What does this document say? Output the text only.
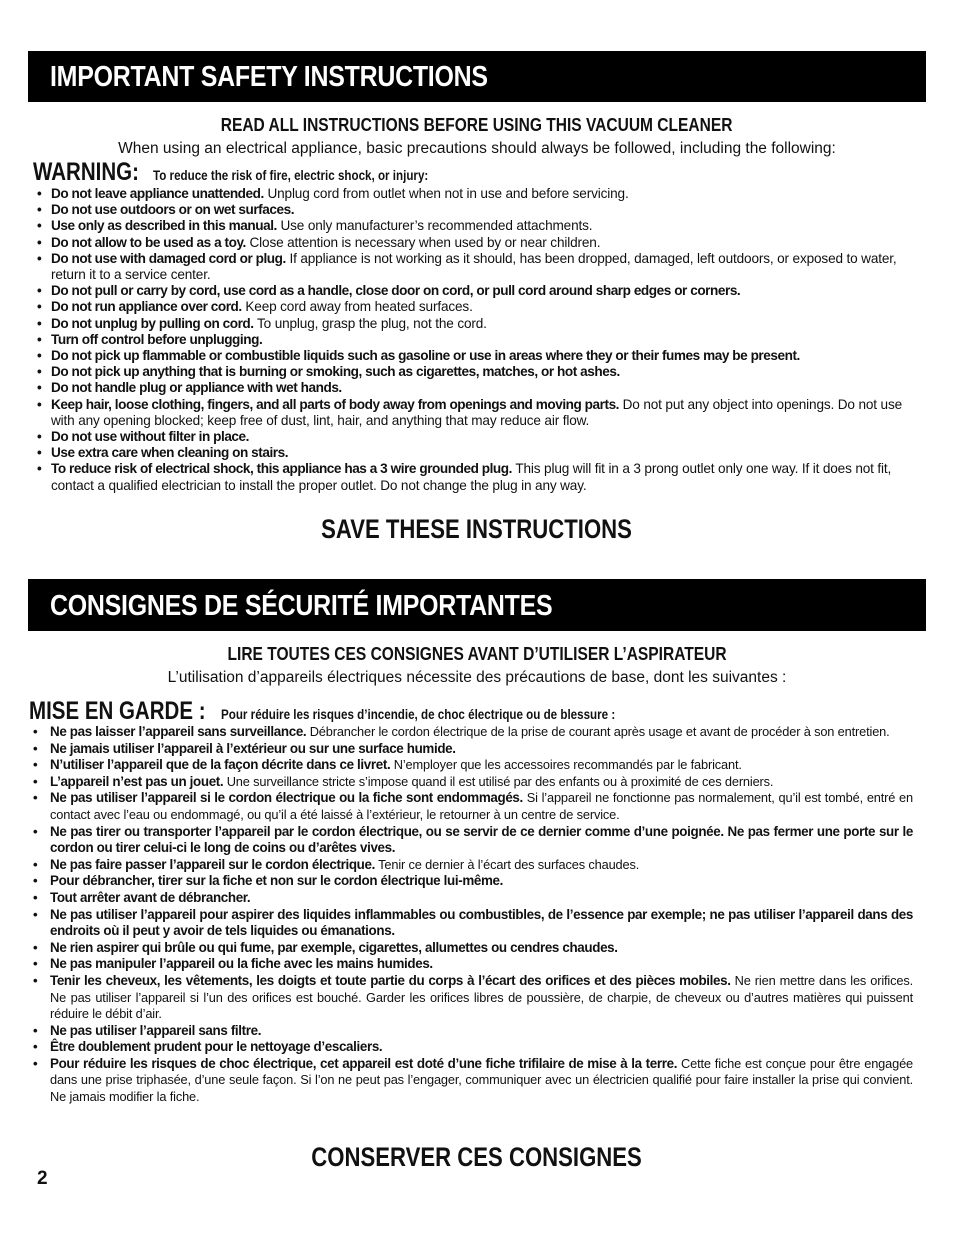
IMPORTANT SAFETY INSTRUCTIONS
READ ALL INSTRUCTIONS BEFORE USING THIS VACUUM CLEANER
When using an electrical appliance, basic precautions should always be followed, including the following:
WARNING: To reduce the risk of fire, electric shock, or injury:
• Do not leave appliance unattended. Unplug cord from outlet when not in use and before servicing.
• Do not use outdoors or on wet surfaces.
• Use only as described in this manual. Use only manufacturer’s recommended attachments.
• Do not allow to be used as a toy. Close attention is necessary when used by or near children.
• Do not use with damaged cord or plug. If appliance is not working as it should, has been dropped, damaged, left outdoors, or exposed to water, return it to a service center.
• Do not pull or carry by cord, use cord as a handle, close door on cord, or pull cord around sharp edges or corners.
• Do not run appliance over cord. Keep cord away from heated surfaces.
• Do not unplug by pulling on cord. To unplug, grasp the plug, not the cord.
• Turn off control before unplugging.
• Do not pick up flammable or combustible liquids such as gasoline or use in areas where they or their fumes may be present.
• Do not pick up anything that is burning or smoking, such as cigarettes, matches, or hot ashes.
• Do not handle plug or appliance with wet hands.
• Keep hair, loose clothing, fingers, and all parts of body away from openings and moving parts. Do not put any object into openings. Do not use with any opening blocked; keep free of dust, lint, hair, and anything that may reduce air flow.
• Do not use without filter in place.
• Use extra care when cleaning on stairs.
• To reduce risk of electrical shock, this appliance has a 3 wire grounded plug. This plug will fit in a 3 prong outlet only one way. If it does not fit, contact a qualified electrician to install the proper outlet. Do not change the plug in any way.
SAVE THESE INSTRUCTIONS
CONSIGNES DE SÉCURITÉ IMPORTANTES
LIRE TOUTES CES CONSIGNES AVANT D’UTILISER L’ASPIRATEUR
L’utilisation d’appareils électriques nécessite des précautions de base, dont les suivantes :
MISE EN GARDE : Pour réduire les risques d’incendie, de choc électrique ou de blessure :
• Ne pas laisser l’appareil sans surveillance. Débrancher le cordon électrique de la prise de courant après usage et avant de procéder à son entretien.
• Ne jamais utiliser l’appareil à l’extérieur ou sur une surface humide.
• N’utiliser l’appareil que de la façon décrite dans ce livret. N’employer que les accessoires recommandés par le fabricant.
• L’appareil n’est pas un jouet. Une surveillance stricte s’impose quand il est utilisé par des enfants ou à proximité de ces derniers.
• Ne pas utiliser l’appareil si le cordon électrique ou la fiche sont endommagés. Si l’appareil ne fonctionne pas normalement, qu’il est tombé, entré en contact avec l’eau ou endommagé, ou qu’il a été laissé à l’extérieur, le retourner à un centre de service.
• Ne pas tirer ou transporter l’appareil par le cordon électrique, ou se servir de ce dernier comme d’une poignée. Ne pas fermer une porte sur le cordon ou tirer celui-ci le long de coins ou d’arêtes vives.
• Ne pas faire passer l’appareil sur le cordon électrique. Tenir ce dernier à l’écart des surfaces chaudes.
• Pour débrancher, tirer sur la fiche et non sur le cordon électrique lui-même.
• Tout arrêter avant de débrancher.
• Ne pas utiliser l’appareil pour aspirer des liquides inflammables ou combustibles, de l’essence par exemple; ne pas utiliser l’appareil dans des endroits où il peut y avoir de tels liquides ou émanations.
• Ne rien aspirer qui brûle ou qui fume, par exemple, cigarettes, allumettes ou cendres chaudes.
• Ne pas manipuler l’appareil ou la fiche avec les mains humides.
• Tenir les cheveux, les vêtements, les doigts et toute partie du corps à l’écart des orifices et des pièces mobiles. Ne rien mettre dans les orifices. Ne pas utiliser l’appareil si l’un des orifices est bouché. Garder les orifices libres de poussière, de charpie, de cheveux ou d’autres matières qui puissent réduire le débit d’air.
• Ne pas utiliser l’appareil sans filtre.
• Être doublement prudent pour le nettoyage d’escaliers.
• Pour réduire les risques de choc électrique, cet appareil est doté d’une fiche trifilaire de mise à la terre. Cette fiche est conçue pour être engagée dans une prise triphasée, d’une seule façon. Si l’on ne peut pas l’engager, communiquer avec un électricien qualifié pour faire installer la prise qui convient. Ne jamais modifier la fiche.
CONSERVER CES CONSIGNES
2
